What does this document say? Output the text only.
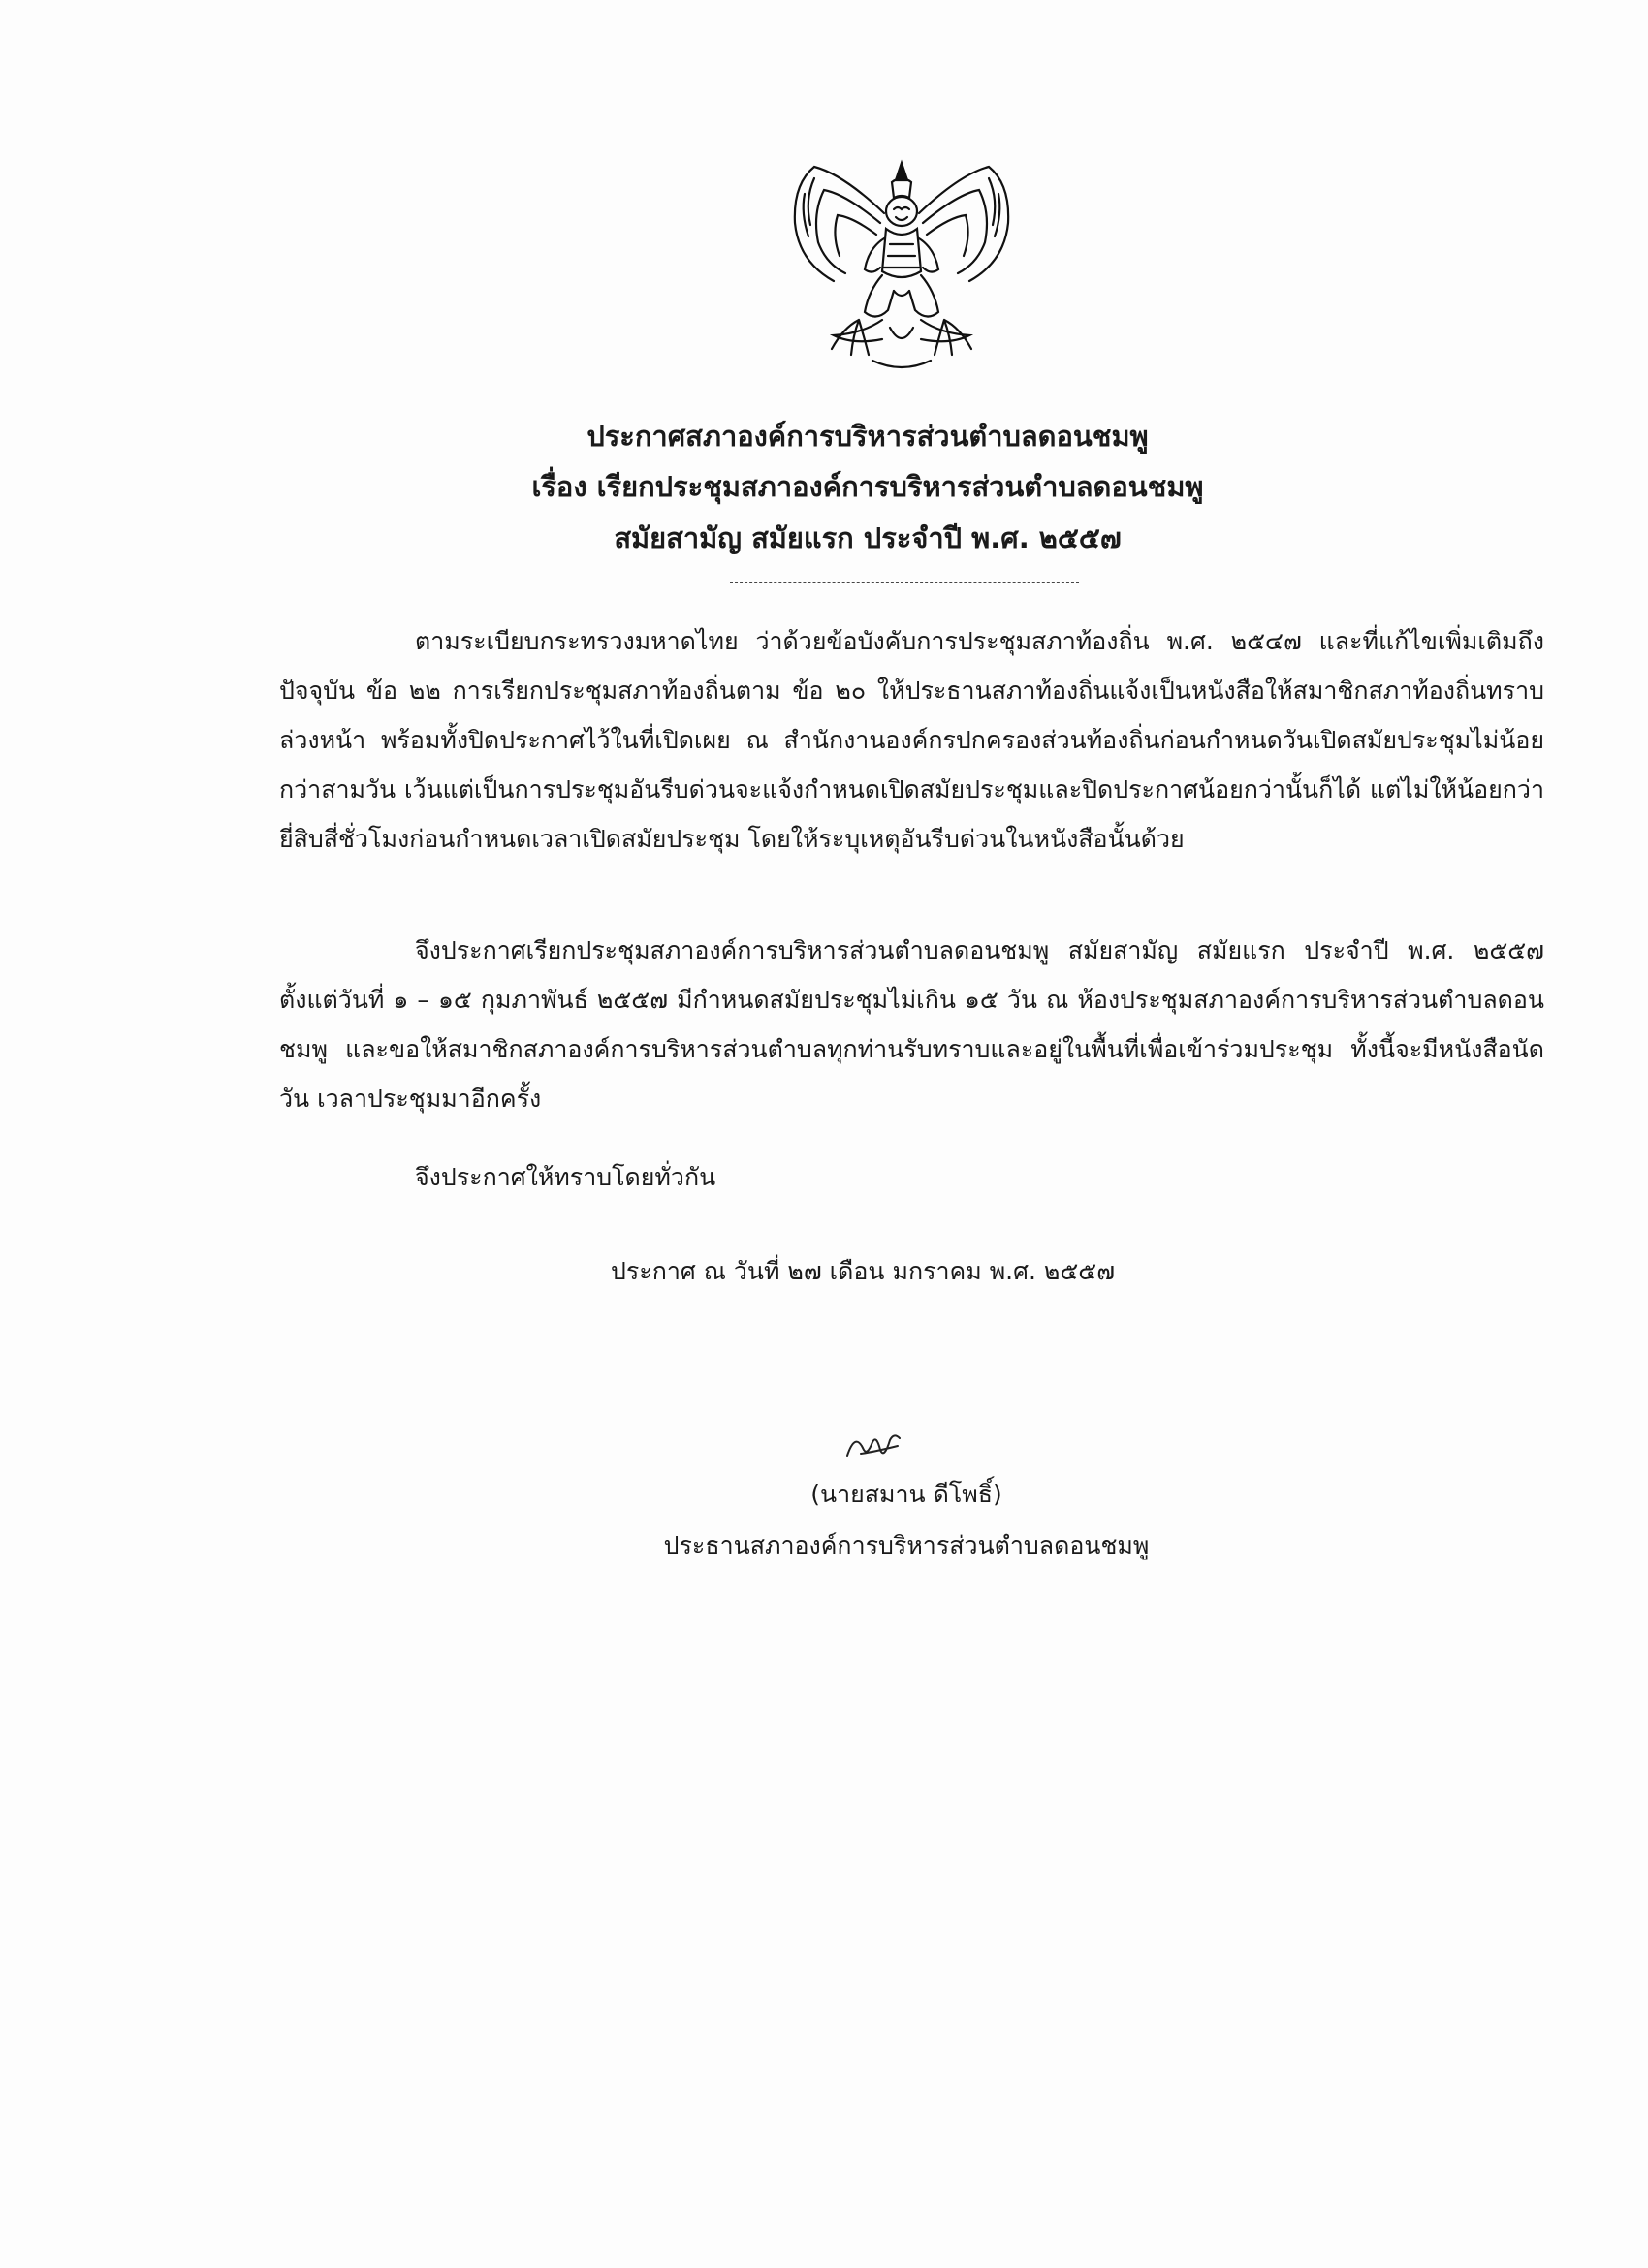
ประกาศสภาองค์การบริหารส่วนตำบลดอนชมพู
เรื่อง เรียกประชุมสภาองค์การบริหารส่วนตำบลดอนชมพู
สมัยสามัญ สมัยแรก ประจำปี พ.ศ. ๒๕๕๗
ตามระเบียบกระทรวงมหาดไทย ว่าด้วยข้อบังคับการประชุมสภาท้องถิ่น พ.ศ. ๒๕๔๗ และที่แก้ไขเพิ่มเติมถึงปัจจุบัน ข้อ ๒๒ การเรียกประชุมสภาท้องถิ่นตาม ข้อ ๒๐ ให้ประธานสภาท้องถิ่นแจ้งเป็นหนังสือให้สมาชิกสภาท้องถิ่นทราบล่วงหน้า พร้อมทั้งปิดประกาศไว้ในที่เปิดเผย ณ สำนักงานองค์กรปกครองส่วนท้องถิ่นก่อนกำหนดวันเปิดสมัยประชุมไม่น้อยกว่าสามวัน เว้นแต่เป็นการประชุมอันรีบด่วนจะแจ้งกำหนดเปิดสมัยประชุมและปิดประกาศน้อยกว่านั้นก็ได้ แต่ไม่ให้น้อยกว่ายี่สิบสี่ชั่วโมงก่อนกำหนดเวลาเปิดสมัยประชุม โดยให้ระบุเหตุอันรีบด่วนในหนังสือนั้นด้วย
จึงประกาศเรียกประชุมสภาองค์การบริหารส่วนตำบลดอนชมพู สมัยสามัญ สมัยแรก ประจำปี พ.ศ. ๒๕๕๗ ตั้งแต่วันที่ ๑ – ๑๕ กุมภาพันธ์ ๒๕๕๗ มีกำหนดสมัยประชุมไม่เกิน ๑๕ วัน ณ ห้องประชุมสภาองค์การบริหารส่วนตำบลดอนชมพู และขอให้สมาชิกสภาองค์การบริหารส่วนตำบลทุกท่านรับทราบและอยู่ในพื้นที่เพื่อเข้าร่วมประชุม ทั้งนี้จะมีหนังสือนัดวัน เวลาประชุมมาอีกครั้ง
จึงประกาศให้ทราบโดยทั่วกัน
ประกาศ ณ วันที่ ๒๗ เดือน มกราคม พ.ศ. ๒๕๕๗
(นายสมาน ดีโพธิ์)
ประธานสภาองค์การบริหารส่วนตำบลดอนชมพู
